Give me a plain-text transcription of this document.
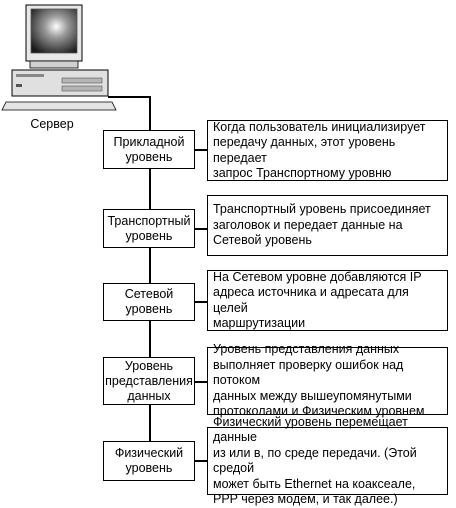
Сервер
Прикладной
уровень
Транспортный
уровень
Сетевой
уровень
Уровень
представления
данных
Физический
уровень
Когда пользователь инициализирует
передачу данных, этот уровень передает
запрос Транспортному уровню
Транспортный уровень присоединяет
заголовок и передает данные на
Сетевой уровень
На Сетевом уровне добавляются IP
адреса источника и адресата для целей
маршрутизации
Уровень представления данных
выполняет проверку ошибок над потоком
данных между вышеупомянутыми
протоколами и Физическим уровнем
Физический уровень перемещает данные
из или в, по среде передачи. (Этой средой
может быть Ethernet на коаксеале,
PPP через модем, и так далее.)
